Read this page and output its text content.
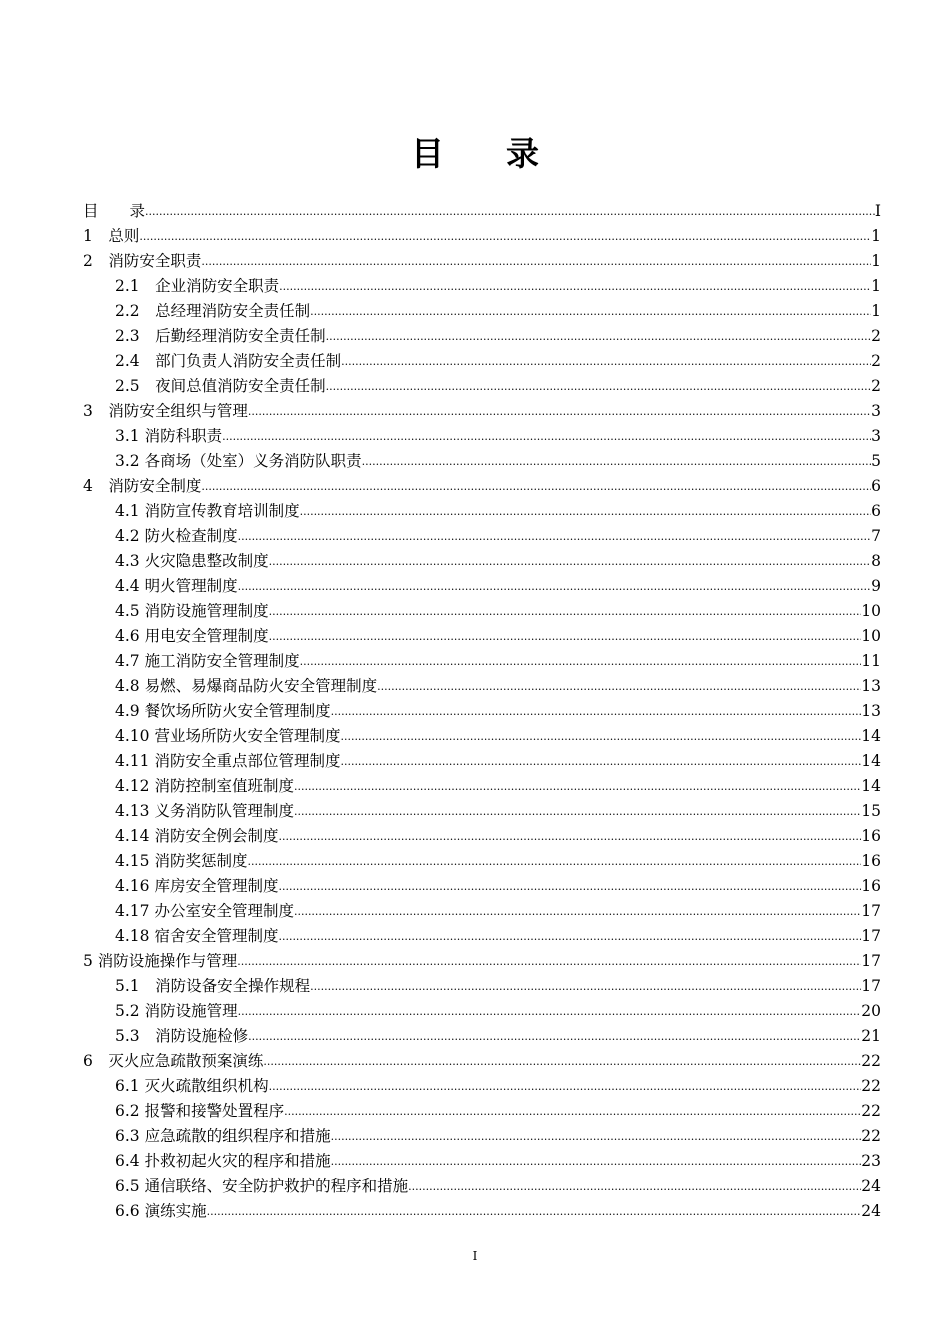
目 录
目　　录 .....	I
1　总则 .....	1
2　消防安全职责 .....	1
2.1　企业消防安全职责 .....	1
2.2　总经理消防安全责任制 .....	1
2.3　后勤经理消防安全责任制 .....	2
2.4　部门负责人消防安全责任制 .....	2
2.5　夜间总值消防安全责任制 .....	2
3　消防安全组织与管理 .....	3
3.1 消防科职责 .....	3
3.2 各商场（处室）义务消防队职责 .....	5
4　消防安全制度 .....	6
4.1 消防宣传教育培训制度 .....	6
4.2 防火检查制度 .....	7
4.3 火灾隐患整改制度 .....	8
4.4 明火管理制度 .....	9
4.5 消防设施管理制度 .....	10
4.6 用电安全管理制度 .....	10
4.7 施工消防安全管理制度 .....	11
4.8 易燃、易爆商品防火安全管理制度 .....	13
4.9 餐饮场所防火安全管理制度 .....	13
4.10 营业场所防火安全管理制度 .....	14
4.11 消防安全重点部位管理制度 .....	14
4.12 消防控制室值班制度 .....	14
4.13 义务消防队管理制度 .....	15
4.14 消防安全例会制度 .....	16
4.15 消防奖惩制度 .....	16
4.16 库房安全管理制度 .....	16
4.17 办公室安全管理制度 .....	17
4.18 宿舍安全管理制度 .....	17
5 消防设施操作与管理 .....	17
5.1　消防设备安全操作规程 .....	17
5.2 消防设施管理 .....	20
5.3　消防设施检修 .....	21
6　灭火应急疏散预案演练 .....	22
6.1 灭火疏散组织机构 .....	22
6.2 报警和接警处置程序 .....	22
6.3 应急疏散的组织程序和措施 .....	22
6.4 扑救初起火灾的程序和措施 .....	23
6.5 通信联络、安全防护救护的程序和措施 .....	24
6.6 演练实施 .....	24
I
